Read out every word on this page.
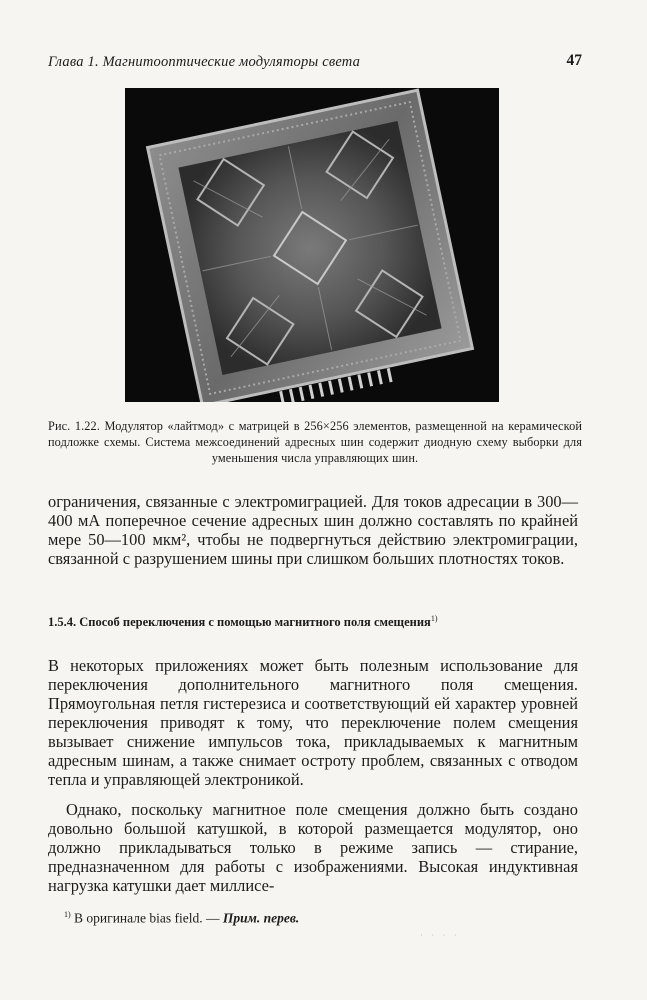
Глава 1. Магнитооптические модуляторы света	47
Рис. 1.22. Модулятор «лайтмод» с матрицей в 256×256 элементов, размещенной на керамической подложке схемы. Система межсоединений адресных шин содержит диодную схему выборки для уменьшения числа управляющих шин.

ограничения, связанные с электромиграцией. Для токов адресации в 300—400 мА поперечное сечение адресных шин должно составлять по крайней мере 50—100 мкм², чтобы не подвергнуться действию электромиграции, связанной с разрушением шины при слишком больших плотностях токов.

1.5.4. Способ переключения с помощью магнитного поля смещения$^{1)}$

В некоторых приложениях может быть полезным использование для переключения дополнительного магнитного поля смещения. Прямоугольная петля гистерезиса и соответствующий ей характер уровней переключения приводят к тому, что переключение полем смещения вызывает снижение импульсов тока, прикладываемых к магнитным адресным шинам, а также снимает остроту проблем, связанных с отводом тепла и управляющей электроникой.

Однако, поскольку магнитное поле смещения должно быть создано довольно большой катушкой, в которой размещается модулятор, оно должно прикладываться только в режиме запись — стирание, предназначенном для работы с изображениями. Высокая индуктивная нагрузка катушки дает миллисе-

$^{1)}$ В оригинале bias field. — Прим. перев.
· · · ·
